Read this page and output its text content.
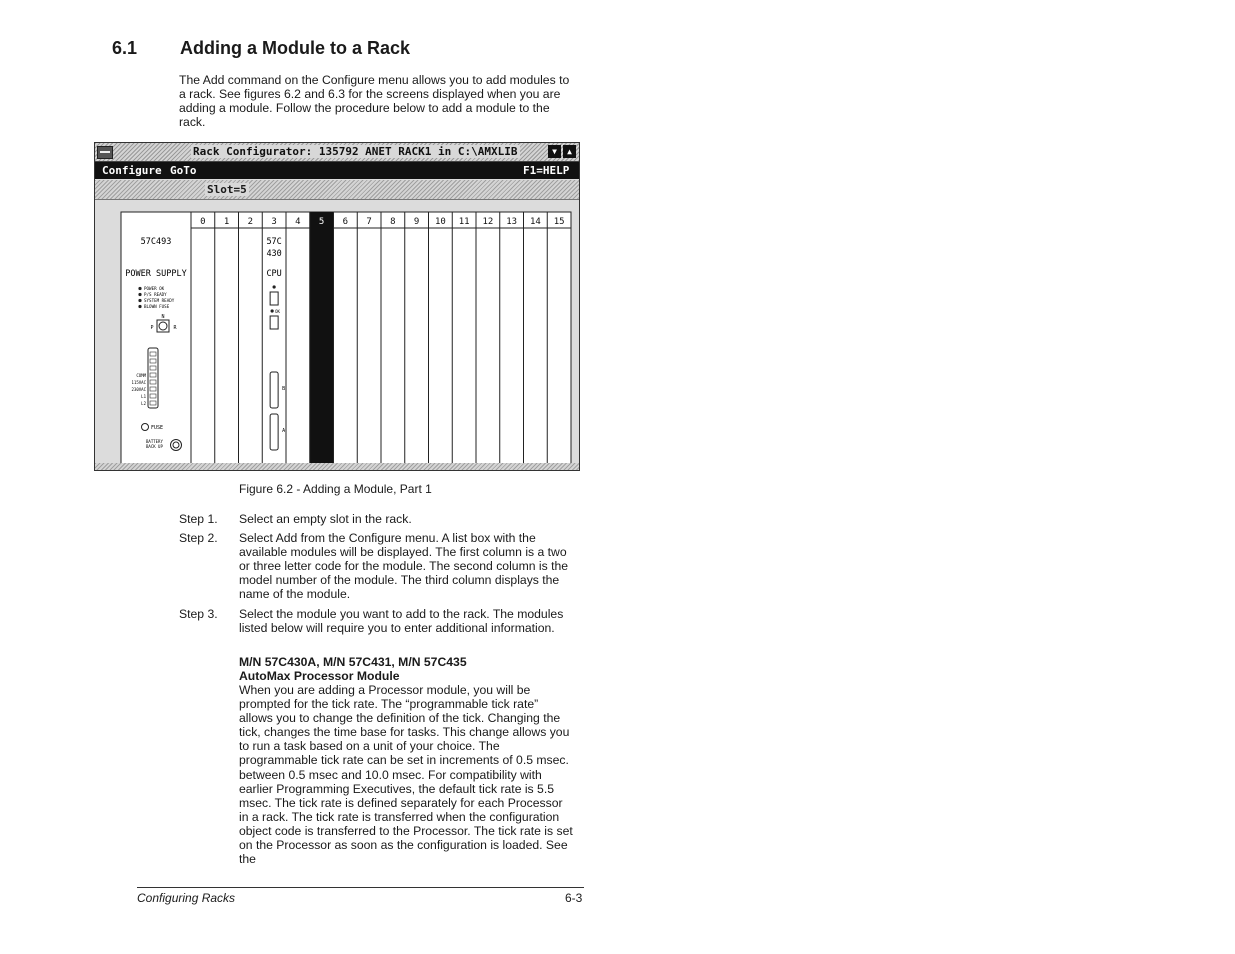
6.1 Adding a Module to a Rack
The Add command on the Configure menu allows you to add modules to a rack. See figures 6.2 and 6.3 for the screens displayed when you are adding a module. Follow the procedure below to add a module to the rack.
Rack Configurator: 135792 ANET RACK1 in C:\AMXLIB	▼	▲
Configure GoTo	F1=HELP
Slot=5
0 1 2 3 4 5 6 7 8 9 10 11 12 13 14 15
57C493
POWER SUPPLY
POWER OK
P/S READY
SYSTEM READY
BLOWN FUSE
N
P	R
COMM
115VAC
230VAC
L1
L2
FUSE
BATTERY
BACK UP
57C
430
CPU
OK
B
A
Figure 6.2 - Adding a Module, Part 1
Step 1. Select an empty slot in the rack.
Step 2. Select Add from the Configure menu. A list box with the available modules will be displayed. The first column is a two or three letter code for the module. The second column is the model number of the module. The third column displays the name of the module.
Step 3. Select the module you want to add to the rack. The modules listed below will require you to enter additional information.
M/N 57C430A, M/N 57C431, M/N 57C435
AutoMax Processor Module
When you are adding a Processor module, you will be prompted for the tick rate. The “programmable tick rate” allows you to change the definition of the tick. Changing the tick, changes the time base for tasks. This change allows you to run a task based on a unit of your choice. The programmable tick rate can be set in increments of 0.5 msec. between 0.5 msec and 10.0 msec. For compatibility with earlier Programming Executives, the default tick rate is 5.5 msec. The tick rate is defined separately for each Processor in a rack. The tick rate is transferred when the configuration object code is transferred to the Processor. The tick rate is set on the Processor as soon as the configuration is loaded. See the
Configuring Racks	6-3
